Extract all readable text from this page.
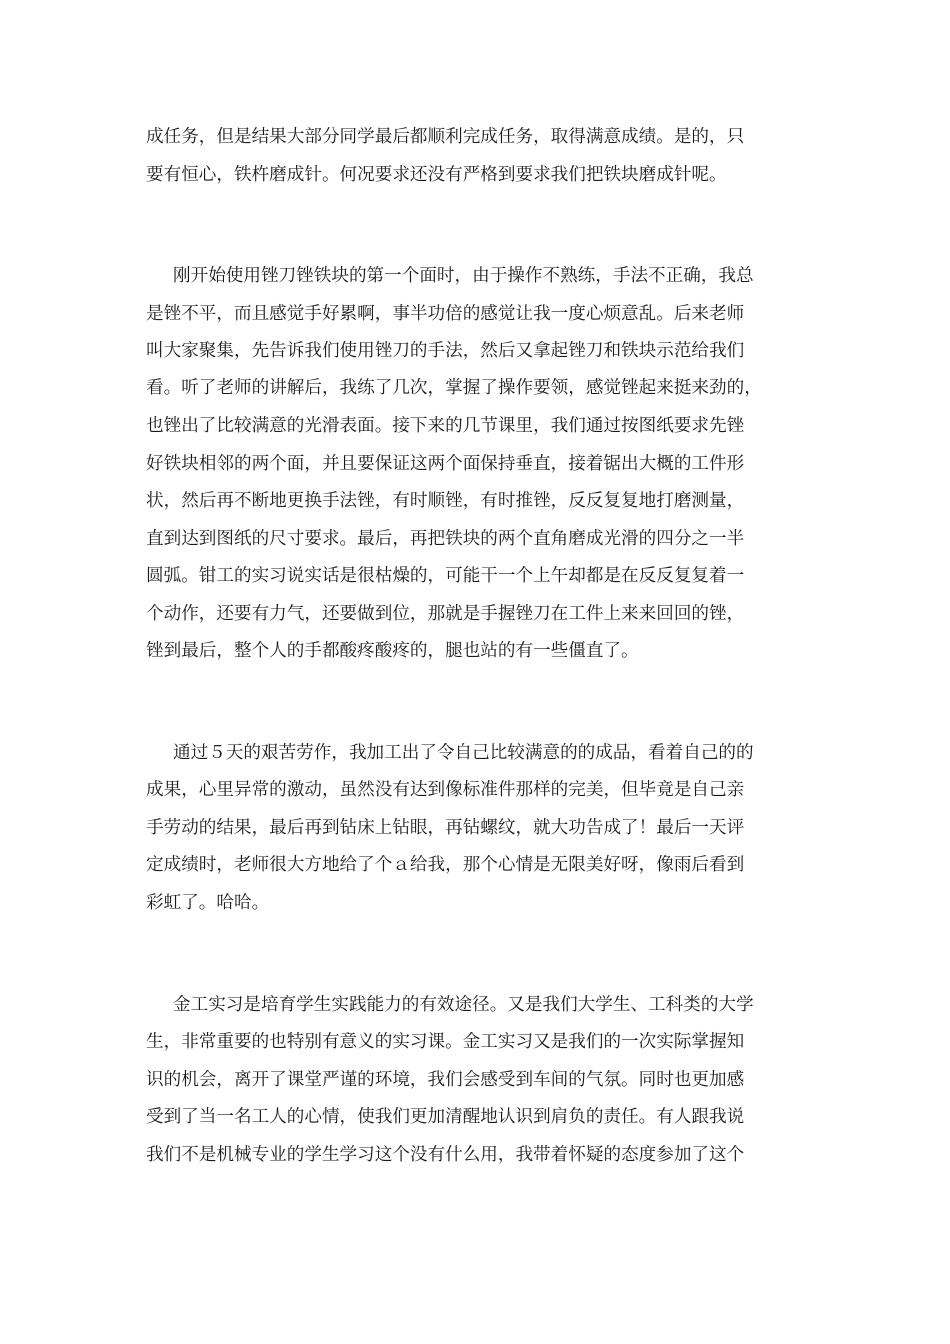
成任务，但是结果大部分同学最后都顺利完成任务，取得满意成绩。是的，只
要有恒心，铁杵磨成针。何况要求还没有严格到要求我们把铁块磨成针呢。
刚开始使用锉刀锉铁块的第一个面时，由于操作不熟练，手法不正确，我总
是锉不平，而且感觉手好累啊，事半功倍的感觉让我一度心烦意乱。后来老师
叫大家聚集，先告诉我们使用锉刀的手法，然后又拿起锉刀和铁块示范给我们
看。听了老师的讲解后，我练了几次，掌握了操作要领，感觉锉起来挺来劲的，
也锉出了比较满意的光滑表面。接下来的几节课里，我们通过按图纸要求先锉
好铁块相邻的两个面，并且要保证这两个面保持垂直，接着锯出大概的工件形
状，然后再不断地更换手法锉，有时顺锉，有时推锉，反反复复地打磨测量，
直到达到图纸的尺寸要求。最后，再把铁块的两个直角磨成光滑的四分之一半
圆弧。钳工的实习说实话是很枯燥的，可能干一个上午却都是在反反复复着一
个动作，还要有力气，还要做到位，那就是手握锉刀在工件上来来回回的锉，
锉到最后，整个人的手都酸疼酸疼的，腿也站的有一些僵直了。
通过５天的艰苦劳作，我加工出了令自己比较满意的的成品，看着自己的的
成果，心里异常的激动，虽然没有达到像标准件那样的完美，但毕竟是自己亲
手劳动的结果，最后再到钻床上钻眼，再钻螺纹，就大功告成了！最后一天评
定成绩时，老师很大方地给了个ａ给我，那个心情是无限美好呀，像雨后看到
彩虹了。哈哈。
金工实习是培育学生实践能力的有效途径。又是我们大学生、工科类的大学
生，非常重要的也特别有意义的实习课。金工实习又是我们的一次实际掌握知
识的机会，离开了课堂严谨的环境，我们会感受到车间的气氛。同时也更加感
受到了当一名工人的心情，使我们更加清醒地认识到肩负的责任。有人跟我说
我们不是机械专业的学生学习这个没有什么用，我带着怀疑的态度参加了这个
